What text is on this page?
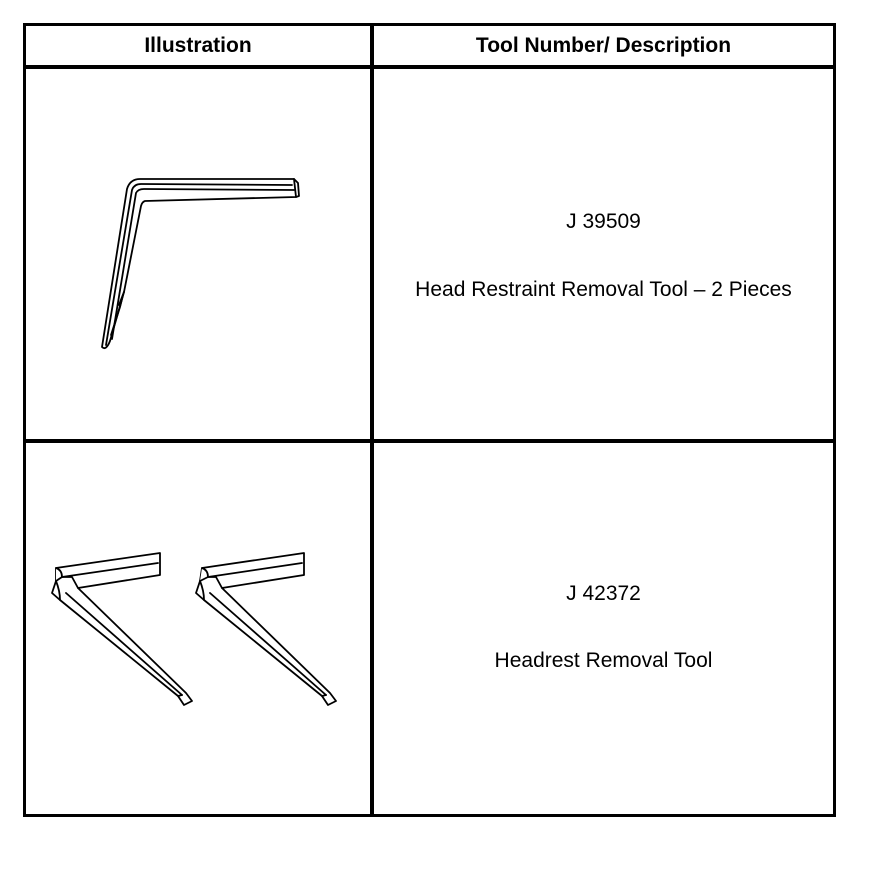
Illustration	Tool Number/ Description
J 39509
Head Restraint Removal Tool – 2 Pieces
J 42372
Headrest Removal Tool
